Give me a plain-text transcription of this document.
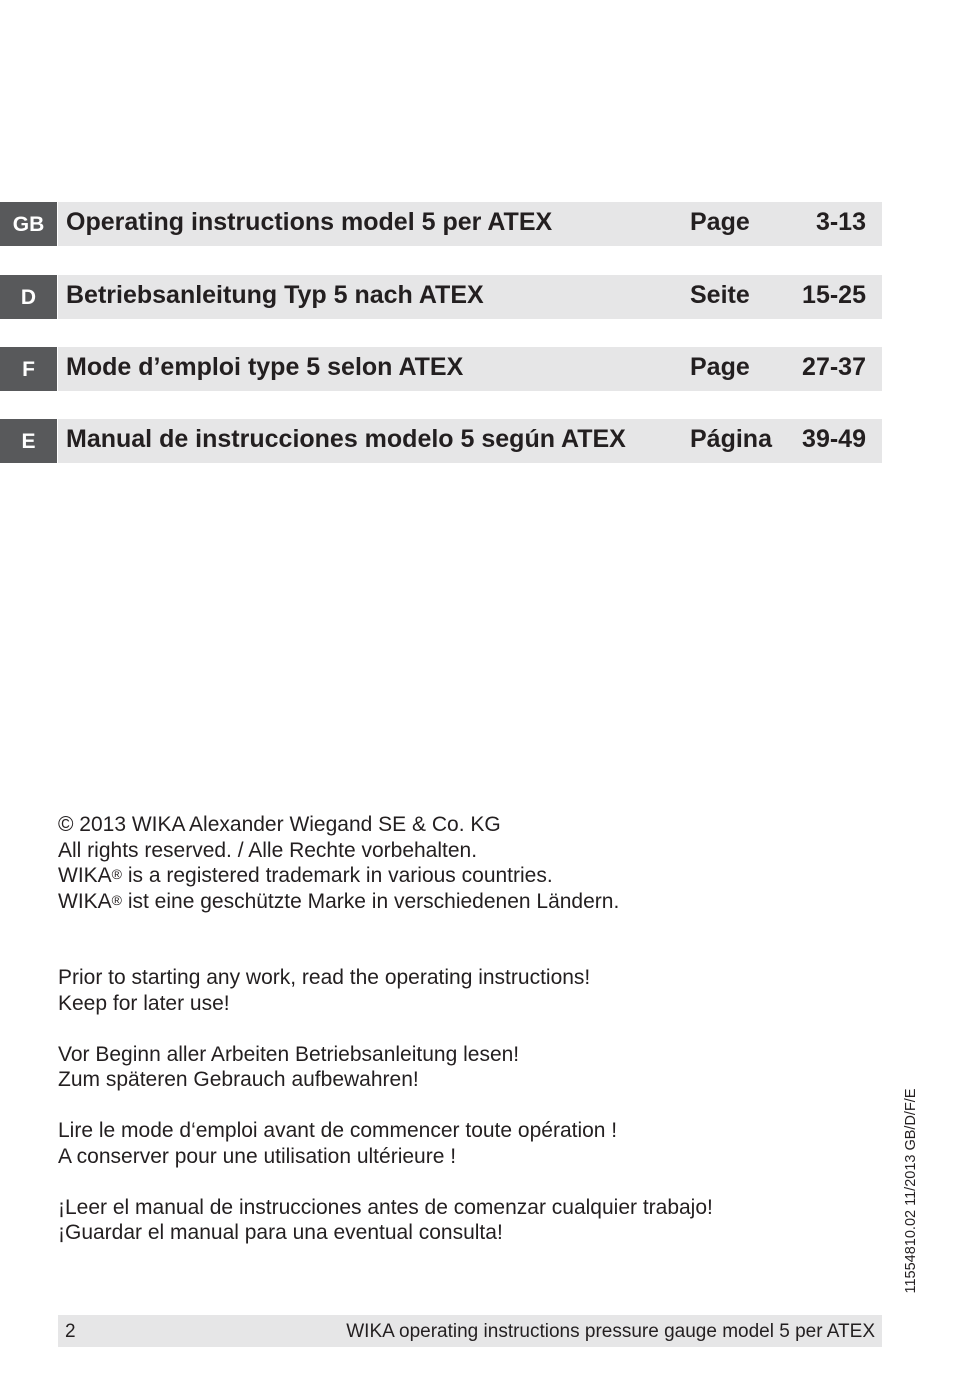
GB Operating instructions model 5 per ATEX	Page	3-13
D	Betriebsanleitung Typ 5 nach ATEX	Seite 15-25
F	Mode d’emploi type 5 selon ATEX	Page 27-37
E	Manual de instrucciones modelo 5 según ATEX	Página 39-49
© 2013 WIKA Alexander Wiegand SE & Co. KG
All rights reserved. / Alle Rechte vorbehalten.
WIKA® is a registered trademark in various countries.
WIKA® ist eine geschützte Marke in verschiedenen Ländern.
Prior to starting any work, read the operating instructions!
Keep for later use!
Vor Beginn aller Arbeiten Betriebsanleitung lesen!
Zum späteren Gebrauch aufbewahren!
Lire le mode d‘emploi avant de commencer toute opération !
A conserver pour une utilisation ultérieure !
¡Leer el manual de instrucciones antes de comenzar cualquier trabajo!
¡Guardar el manual para una eventual consulta!	11554810.02 11/2013 GB/D/F/E
2	WIKA operating instructions pressure gauge model 5 per ATEX
